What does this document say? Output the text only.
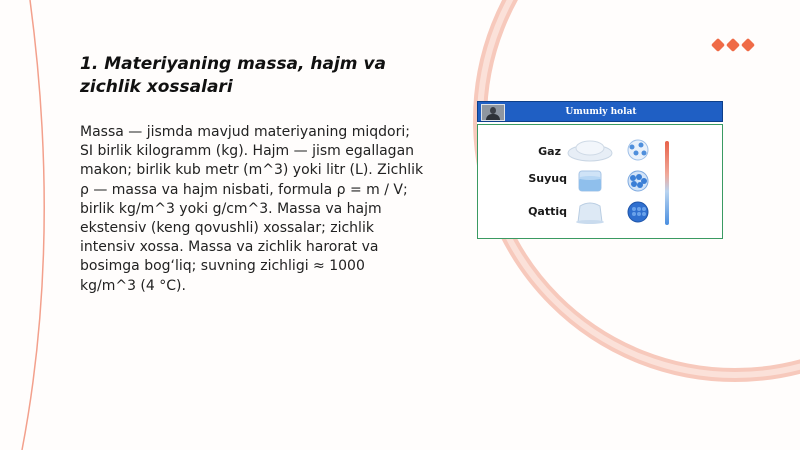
1. Materiyaning massa, hajm va zichlik xossalari

Massa — jismda mavjud materiyaning miqdori; SI birlik kilogramm (kg). Hajm — jism egallagan makon; birlik kub metr (m^3) yoki litr (L). Zichlik ρ — massa va hajm nisbati, formula ρ = m / V; birlik kg/m^3 yoki g/cm^3. Massa va hajm ekstensiv (keng qovushli) xossalar; zichlik intensiv xossa. Massa va zichlik harorat va bosimga bog‘liq; suvning zichligi ≈ 1000 kg/m^3 (4 °C).

Umumiy holat
Gaz
Suyuq
Qattiq
